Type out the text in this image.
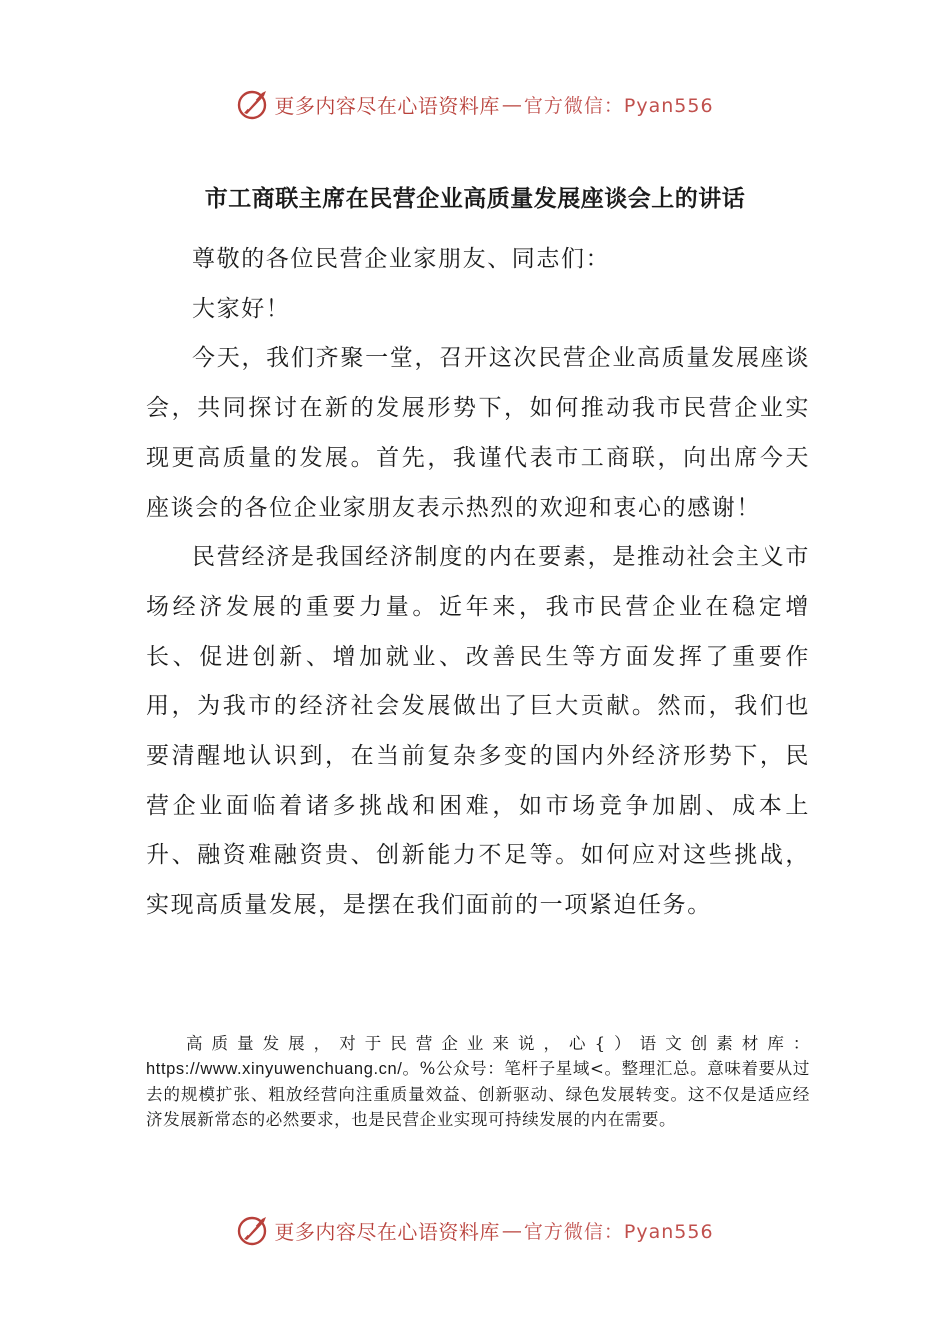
更多内容尽在心语资料库 — 官方微信：Pyan556
市工商联主席在民营企业高质量发展座谈会上的讲话

尊敬的各位民营企业家朋友、同志们：

大家好！

今天，我们齐聚一堂，召开这次民营企业高质量发展座谈会，共同探讨在新的发展形势下，如何推动我市民营企业实现更高质量的发展。首先，我谨代表市工商联，向出席今天座谈会的各位企业家朋友表示热烈的欢迎和衷心的感谢！

民营经济是我国经济制度的内在要素，是推动社会主义市场经济发展的重要力量。近年来，我市民营企业在稳定增长、促进创新、增加就业、改善民生等方面发挥了重要作用，为我市的经济社会发展做出了巨大贡献。然而，我们也要清醒地认识到，在当前复杂多变的国内外经济形势下，民营企业面临着诸多挑战和困难，如市场竞争加剧、成本上升、融资难融资贵、创新能力不足等。如何应对这些挑战，实现高质量发展，是摆在我们面前的一项紧迫任务。

高质量发展，对于民营企业来说，心{）语文创素材库：https://www.xinyuwenchuang.cn/。%公众号：笔杆子星域<。整理汇总。意味着要从过去的规模扩张、粗放经营向注重质量效益、创新驱动、绿色发展转变。这不仅是适应经济发展新常态的必然要求，也是民营企业实现可持续发展的内在需要。

更多内容尽在心语资料库 — 官方微信：Pyan556
